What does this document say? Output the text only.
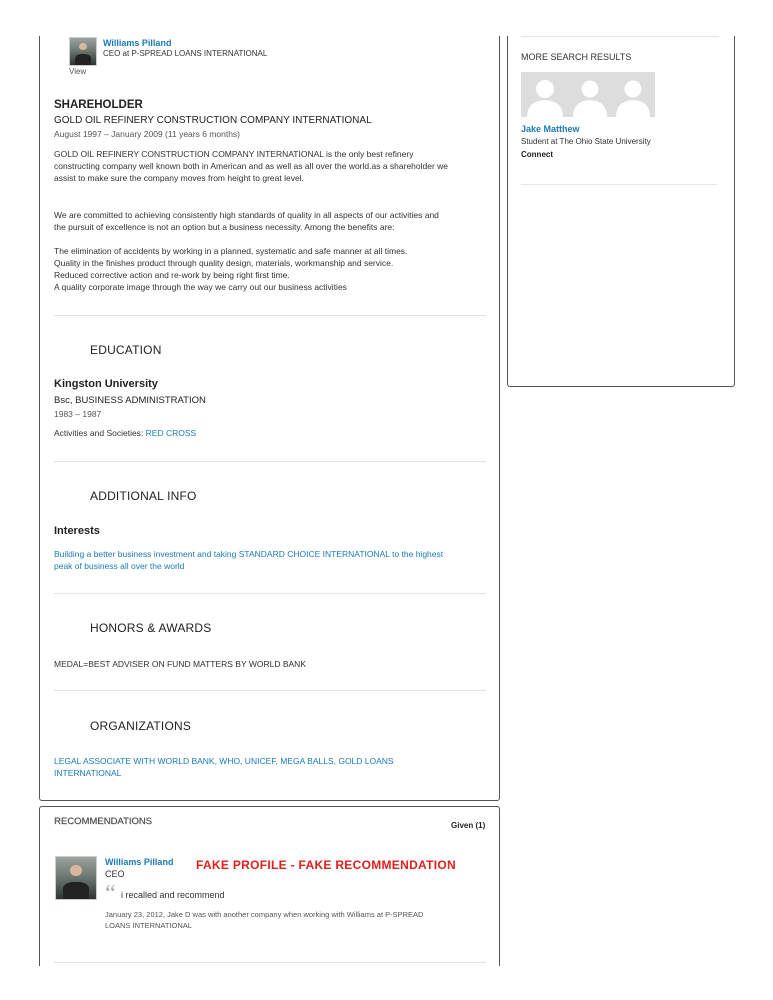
Williams Pilland
CEO at P-SPREAD LOANS INTERNATIONAL
View
SHAREHOLDER
GOLD OIL REFINERY CONSTRUCTION COMPANY INTERNATIONAL
August 1997 – January 2009 (11 years 6 months)
GOLD OIL REFINERY CONSTRUCTION COMPANY INTERNATIONAL is the only best refinery
constructing company well known both in American and as well as all over the world.as a shareholder we
assist to make sure the company moves from height to great level.
We are committed to achieving consistently high standards of quality in all aspects of our activities and
the pursuit of excellence is not an option but a business necessity. Among the benefits are:
The elimination of accidents by working in a planned, systematic and safe manner at all times.
Quality in the finishes product through quality design, materials, workmanship and service.
Reduced corrective action and re-work by being right first time.
A quality corporate image through the way we carry out our business activities
EDUCATION
Kingston University
Bsc, BUSINESS ADMINISTRATION
1983 – 1987
Activities and Societies: RED CROSS
ADDITIONAL INFO
Interests
Building a better business investment and taking STANDARD CHOICE INTERNATIONAL to the highest
peak of business all over the world
HONORS & AWARDS
MEDAL=BEST ADVISER ON FUND MATTERS BY WORLD BANK
ORGANIZATIONS
LEGAL ASSOCIATE WITH WORLD BANK, WHO, UNICEF, MEGA BALLS, GOLD LOANS
INTERNATIONAL
MORE SEARCH RESULTS
Jake Matthew
Student at The Ohio State University
Connect
RECOMMENDATIONS	Given (1)
Williams Pilland
CEO
FAKE PROFILE - FAKE RECOMMENDATION
“ i recalled and recommend
January 23, 2012, Jake D was with another company when working with Williams at P-SPREAD
LOANS INTERNATIONAL
